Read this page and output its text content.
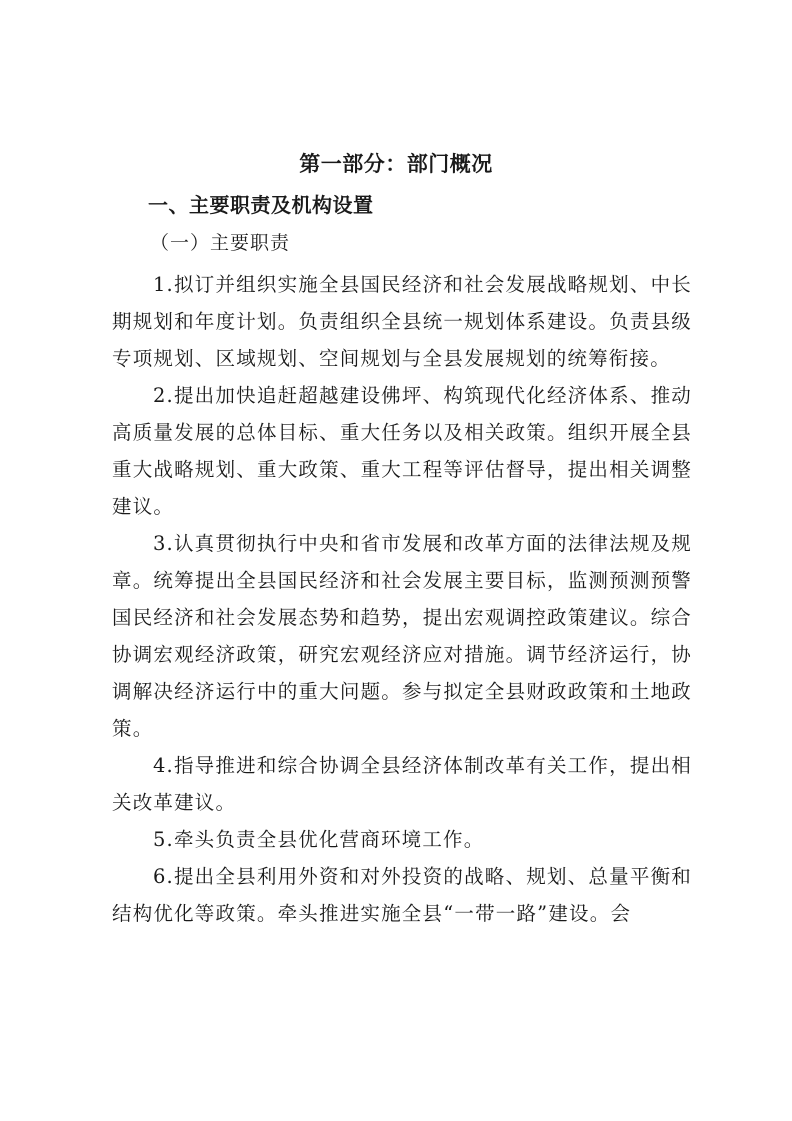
第一部分：部门概况
一、主要职责及机构设置
（一）主要职责

1.拟订并组织实施全县国民经济和社会发展战略规划、中长期规划和年度计划。负责组织全县统一规划体系建设。负责县级专项规划、区域规划、空间规划与全县发展规划的统筹衔接。

2.提出加快追赶超越建设佛坪、构筑现代化经济体系、推动高质量发展的总体目标、重大任务以及相关政策。组织开展全县重大战略规划、重大政策、重大工程等评估督导，提出相关调整建议。

3.认真贯彻执行中央和省市发展和改革方面的法律法规及规章。统筹提出全县国民经济和社会发展主要目标，监测预测预警国民经济和社会发展态势和趋势，提出宏观调控政策建议。综合协调宏观经济政策，研究宏观经济应对措施。调节经济运行，协调解决经济运行中的重大问题。参与拟定全县财政政策和土地政策。

4.指导推进和综合协调全县经济体制改革有关工作，提出相关改革建议。

5.牵头负责全县优化营商环境工作。

6.提出全县利用外资和对外投资的战略、规划、总量平衡和结构优化等政策。牵头推进实施全县“一带一路”建设。会
